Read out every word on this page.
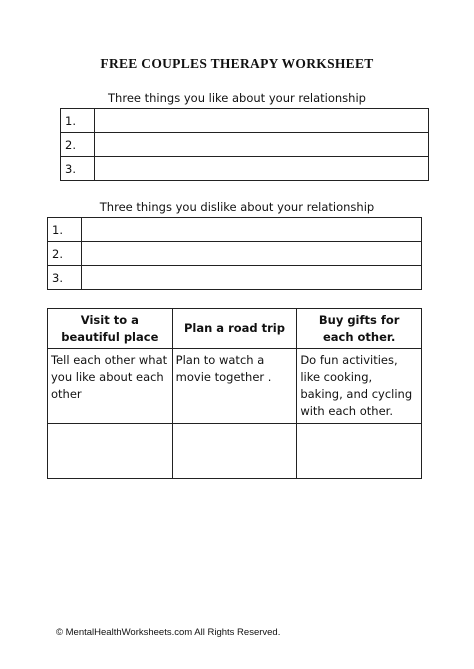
FREE COUPLES THERAPY WORKSHEET
Three things you like about your relationship
1.	
2.	
3.	
Three things you dislike about your relationship
1.	
2.	
3.	
Visit to a beautiful place	Plan a road trip	Buy gifts for each other.
Tell each other what you like about each other	Plan to watch a movie together .	Do fun activities, like cooking, baking, and cycling with each other.

© MentalHealthWorksheets.com All Rights Reserved.
